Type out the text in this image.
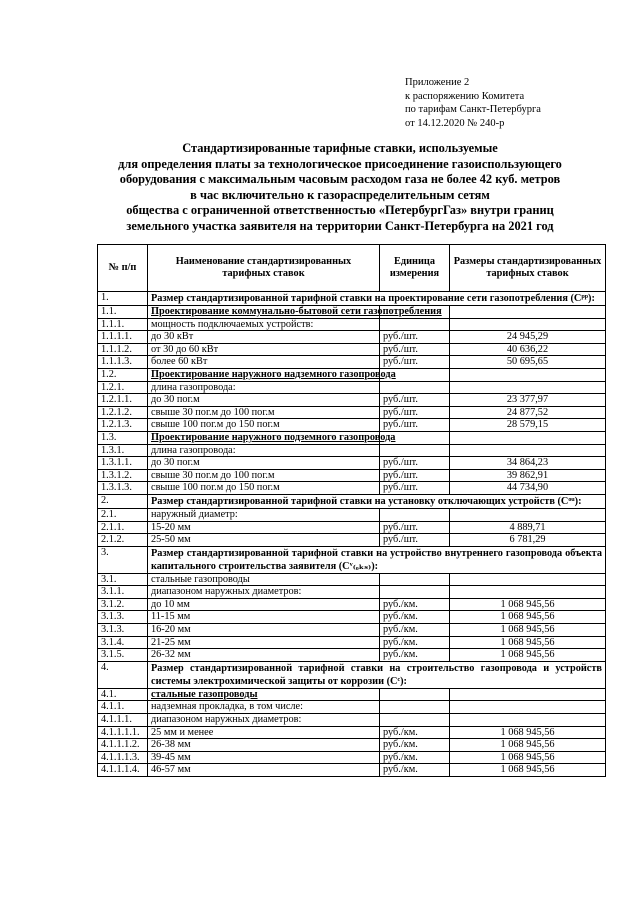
Приложение 2
к распоряжению Комитета
по тарифам Санкт-Петербурга
от 14.12.2020 № 240-р
Стандартизированные тарифные ставки, используемые
для определения платы за технологическое присоединение газоиспользующего
оборудования с максимальным часовым расходом газа не более 42 куб. метров
в час включительно к газораспределительным сетям
общества с ограниченной ответственностью «ПетербургГаз» внутри границ
земельного участка заявителя на территории Санкт-Петербурга на 2021 год
№ п/п	Наименование стандартизированных тарифных ставок	Единица измерения	Размеры стандартизированных тарифных ставок
1.	Размер стандартизированной тарифной ставки на проектирование сети газопотребления (Сᵖᵖ):		
1.1.	Проектирование коммунально-бытовой сети газопотребления		
1.1.1.	мощность подключаемых устройств:		
1.1.1.1.	до 30 кВт	руб./шт.	24 945,29
1.1.1.2.	от 30 до 60 кВт	руб./шт.	40 636,22
1.1.1.3.	более 60 кВт	руб./шт.	50 695,65
1.2.	Проектирование наружного надземного газопровода		
1.2.1.	длина газопровода:		
1.2.1.1.	до 30 пог.м	руб./шт.	23 377,97
1.2.1.2.	свыше 30 пог.м до 100 пог.м	руб./шт.	24 877,52
1.2.1.3.	свыше 100 пог.м до 150 пог.м	руб./шт.	28 579,15
1.3.	Проектирование наружного подземного газопровода		
1.3.1.	длина газопровода:		
1.3.1.1.	до 30 пог.м	руб./шт.	34 864,23
1.3.1.2.	свыше 30 пог.м до 100 пог.м	руб./шт.	39 862,91
1.3.1.3.	свыше 100 пог.м до 150 пог.м	руб./шт.	44 734,90
2.	Размер стандартизированной тарифной ставки на установку отключающих устройств (Сᵒᵘ):		
2.1.	наружный диаметр:		
2.1.1.	15-20 мм	руб./шт.	4 889,71
2.1.2.	25-50 мм	руб./шт.	6 781,29
3.	Размер стандартизированной тарифной ставки на устройство внутреннего газопровода объекта капитального строительства заявителя (Сᵛ₍ₒₖₛ₎):		
3.1.	стальные газопроводы		
3.1.1.	диапазоном наружных диаметров:		
3.1.2.	до 10 мм	руб./км.	1 068 945,56
3.1.3.	11-15 мм	руб./км.	1 068 945,56
3.1.3.	16-20 мм	руб./км.	1 068 945,56
3.1.4.	21-25 мм	руб./км.	1 068 945,56
3.1.5.	26-32 мм	руб./км.	1 068 945,56
4.	Размер стандартизированной тарифной ставки на строительство газопровода и устройств системы электрохимической защиты от коррозии (Сᶜ):		
4.1.	стальные газопроводы		
4.1.1.	надземная прокладка, в том числе:		
4.1.1.1.	диапазоном наружных диаметров:		
4.1.1.1.1.	25 мм и менее	руб./км.	1 068 945,56
4.1.1.1.2.	26-38 мм	руб./км.	1 068 945,56
4.1.1.1.3.	39-45 мм	руб./км.	1 068 945,56
4.1.1.1.4.	46-57 мм	руб./км.	1 068 945,56
